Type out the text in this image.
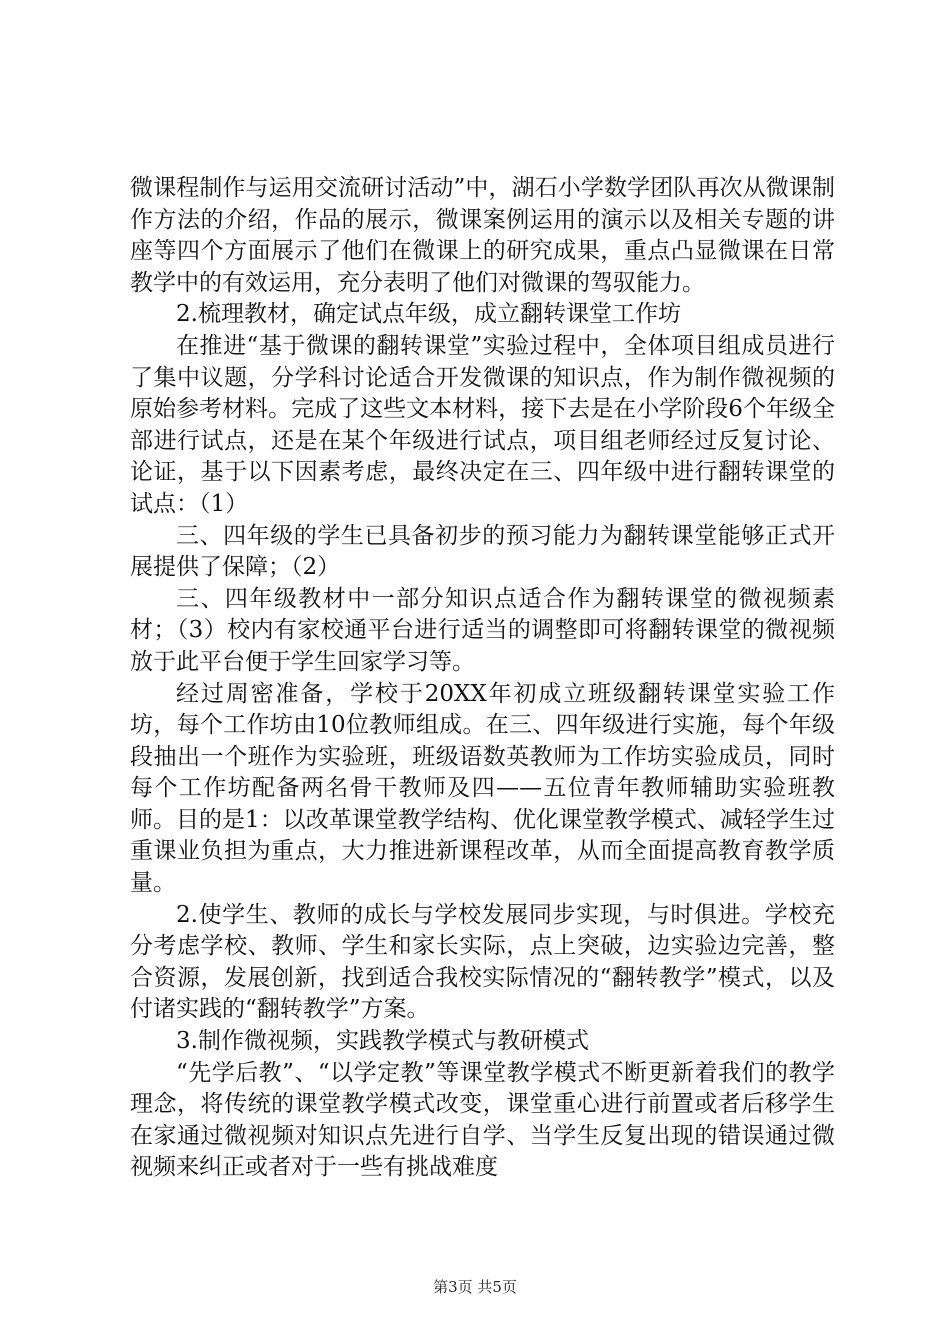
微课程制作与运用交流研讨活动”中，湖石小学数学团队再次从微课制作方法的介绍，作品的展示，微课案例运用的演示以及相关专题的讲座等四个方面展示了他们在微课上的研究成果，重点凸显微课在日常教学中的有效运用，充分表明了他们对微课的驾驭能力。

2.梳理教材，确定试点年级，成立翻转课堂工作坊

在推进“基于微课的翻转课堂”实验过程中，全体项目组成员进行了集中议题，分学科讨论适合开发微课的知识点，作为制作微视频的原始参考材料。完成了这些文本材料，接下去是在小学阶段6个年级全部进行试点，还是在某个年级进行试点，项目组老师经过反复讨论、论证，基于以下因素考虑，最终决定在三、四年级中进行翻转课堂的试点：（1）

三、四年级的学生已具备初步的预习能力为翻转课堂能够正式开展提供了保障；（2）

三、四年级教材中一部分知识点适合作为翻转课堂的微视频素材；（3）校内有家校通平台进行适当的调整即可将翻转课堂的微视频放于此平台便于学生回家学习等。

经过周密准备，学校于20XX年初成立班级翻转课堂实验工作坊，每个工作坊由10位教师组成。在三、四年级进行实施，每个年级段抽出一个班作为实验班，班级语数英教师为工作坊实验成员，同时每个工作坊配备两名骨干教师及四——五位青年教师辅助实验班教师。目的是1：以改革课堂教学结构、优化课堂教学模式、减轻学生过重课业负担为重点，大力推进新课程改革，从而全面提高教育教学质量。

2.使学生、教师的成长与学校发展同步实现，与时俱进。学校充分考虑学校、教师、学生和家长实际，点上突破，边实验边完善，整合资源，发展创新，找到适合我校实际情况的“翻转教学”模式，以及付诸实践的“翻转教学”方案。

3.制作微视频，实践教学模式与教研模式

“先学后教”、“以学定教”等课堂教学模式不断更新着我们的教学理念，将传统的课堂教学模式改变，课堂重心进行前置或者后移学生在家通过微视频对知识点先进行自学、当学生反复出现的错误通过微视频来纠正或者对于一些有挑战难度

第3页 共5页
